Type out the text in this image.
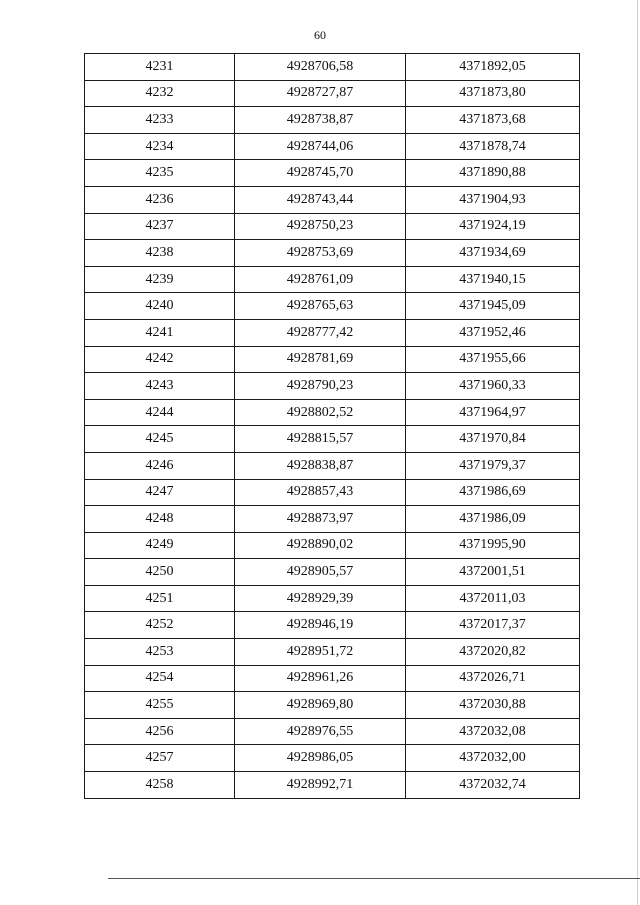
60
4231	4928706,58	4371892,05
4232	4928727,87	4371873,80
4233	4928738,87	4371873,68
4234	4928744,06	4371878,74
4235	4928745,70	4371890,88
4236	4928743,44	4371904,93
4237	4928750,23	4371924,19
4238	4928753,69	4371934,69
4239	4928761,09	4371940,15
4240	4928765,63	4371945,09
4241	4928777,42	4371952,46
4242	4928781,69	4371955,66
4243	4928790,23	4371960,33
4244	4928802,52	4371964,97
4245	4928815,57	4371970,84
4246	4928838,87	4371979,37
4247	4928857,43	4371986,69
4248	4928873,97	4371986,09
4249	4928890,02	4371995,90
4250	4928905,57	4372001,51
4251	4928929,39	4372011,03
4252	4928946,19	4372017,37
4253	4928951,72	4372020,82
4254	4928961,26	4372026,71
4255	4928969,80	4372030,88
4256	4928976,55	4372032,08
4257	4928986,05	4372032,00
4258	4928992,71	4372032,74
